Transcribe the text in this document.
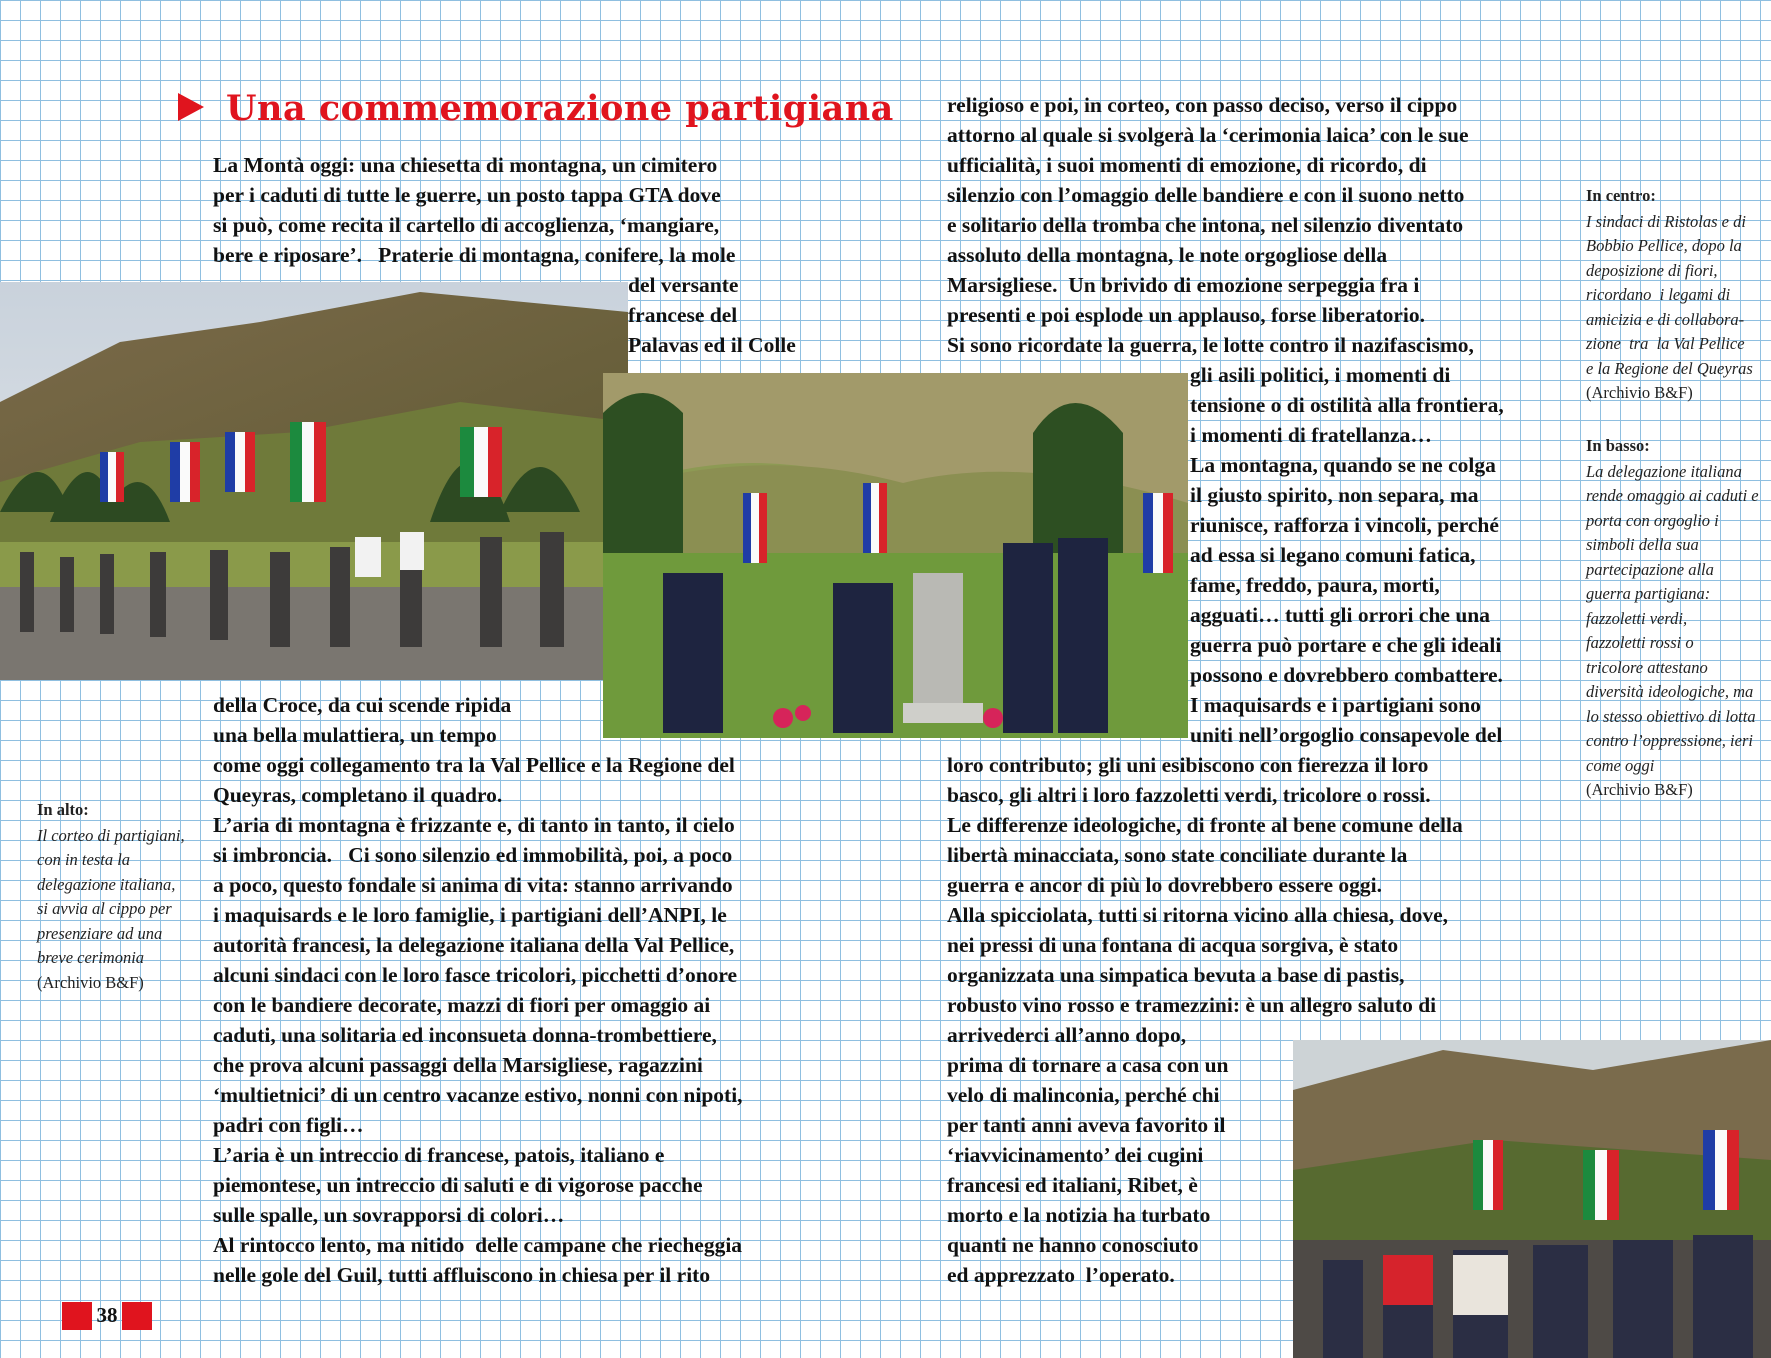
Una commemorazione partigiana

La Montà oggi: una chiesetta di montagna, un cimitero

per i caduti di tutte le guerre, un posto tappa GTA dove

si può, come recita il cartello di accoglienza, ‘mangiare,

bere e riposare’.   Praterie di montagna, conifere, la mole

del versante

francese del

Palavas ed il Colle

della Croce, da cui scende ripida

una bella mulattiera, un tempo

come oggi collegamento tra la Val Pellice e la Regione del

Queyras, completano il quadro.

L’aria di montagna è frizzante e, di tanto in tanto, il cielo

si imbroncia.   Ci sono silenzio ed immobilità, poi, a poco

a poco, questo fondale si anima di vita: stanno arrivando

i maquisards e le loro famiglie, i partigiani dell’ANPI, le

autorità francesi, la delegazione italiana della Val Pellice,

alcuni sindaci con le loro fasce tricolori, picchetti d’onore

con le bandiere decorate, mazzi di fiori per omaggio ai

caduti, una solitaria ed inconsueta donna-trombettiere,

che prova alcuni passaggi della Marsigliese, ragazzini

‘multietnici’ di un centro vacanze estivo, nonni con nipoti,

padri con figli…

L’aria è un intreccio di francese, patois, italiano e

piemontese, un intreccio di saluti e di vigorose pacche

sulle spalle, un sovrapporsi di colori…

Al rintocco lento, ma nitido  delle campane che riecheggia

nelle gole del Guil, tutti affluiscono in chiesa per il rito

religioso e poi, in corteo, con passo deciso, verso il cippo

attorno al quale si svolgerà la ‘cerimonia laica’ con le sue

ufficialità, i suoi momenti di emozione, di ricordo, di

silenzio con l’omaggio delle bandiere e con il suono netto

e solitario della tromba che intona, nel silenzio diventato

assoluto della montagna, le note orgogliose della

Marsigliese.  Un brivido di emozione serpeggia fra i

presenti e poi esplode un applauso, forse liberatorio.

Si sono ricordate la guerra, le lotte contro il nazifascismo,

gli asili politici, i momenti di

tensione o di ostilità alla frontiera,

i momenti di fratellanza…

La montagna, quando se ne colga

il giusto spirito, non separa, ma

riunisce, rafforza i vincoli, perché

ad essa si legano comuni fatica,

fame, freddo, paura, morti,

agguati… tutti gli orrori che una

guerra può portare e che gli ideali

possono e dovrebbero combattere.

I maquisards e i partigiani sono

uniti nell’orgoglio consapevole del

loro contributo; gli uni esibiscono con fierezza il loro

basco, gli altri i loro fazzoletti verdi, tricolore o rossi.

Le differenze ideologiche, di fronte al bene comune della

libertà minacciata, sono state conciliate durante la

guerra e ancor di più lo dovrebbero essere oggi.

Alla spicciolata, tutti si ritorna vicino alla chiesa, dove,

nei pressi di una fontana di acqua sorgiva, è stato

organizzata una simpatica bevuta a base di pastis,

robusto vino rosso e tramezzini: è un allegro saluto di

arrivederci all’anno dopo,

prima di tornare a casa con un

velo di malinconia, perché chi

per tanti anni aveva favorito il

‘riavvicinamento’ dei cugini

francesi ed italiani, Ribet, è

morto e la notizia ha turbato

quanti ne hanno conosciuto

ed apprezzato  l’operato.

In alto:
Il corteo di partigiani,
con in testa la
delegazione italiana,
si avvia al cippo per
presenziare ad una
breve cerimonia
(Archivio B&F)
In centro:
I sindaci di Ristolas e di
Bobbio Pellice, dopo la
deposizione di fiori,
ricordano  i legami di
amicizia e di collabora-
zione  tra  la Val Pellice
e la Regione del Queyras
(Archivio B&F)
In basso:
La delegazione italiana
rende omaggio ai caduti e
porta con orgoglio i
simboli della sua
partecipazione alla
guerra partigiana:
fazzoletti verdi,
fazzoletti rossi o
tricolore attestano
diversità ideologiche, ma
lo stesso obiettivo di lotta
contro l’oppressione, ieri
come oggi
(Archivio B&F)
38
